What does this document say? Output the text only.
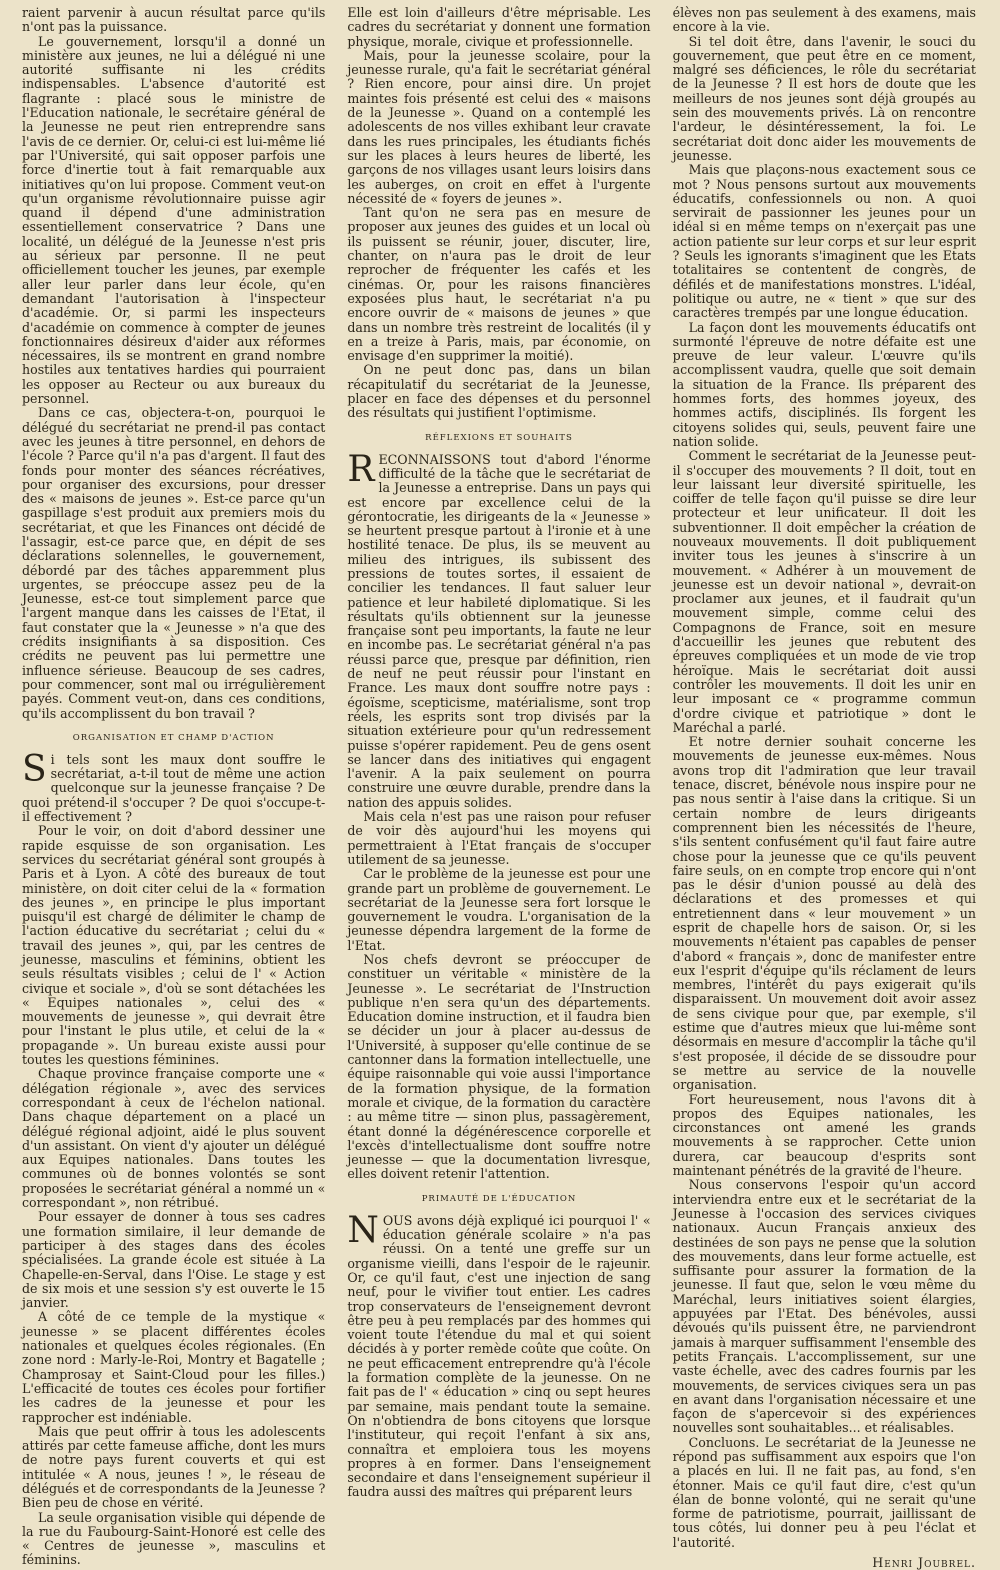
raient parvenir à aucun résultat parce qu'ils n'ont pas la puissance.

Le gouvernement, lorsqu'il a donné un ministère aux jeunes, ne lui a délégué ni une autorité suffisante ni les crédits indispensables. L'absence d'autorité est flagrante : placé sous le ministre de l'Education nationale, le secrétaire général de la Jeunesse ne peut rien entreprendre sans l'avis de ce dernier. Or, celui-ci est lui-même lié par l'Université, qui sait opposer parfois une force d'inertie tout à fait remarquable aux initiatives qu'on lui propose. Comment veut-on qu'un organisme révolutionnaire puisse agir quand il dépend d'une administration essentiellement conservatrice ? Dans une localité, un délégué de la Jeunesse n'est pris au sérieux par personne. Il ne peut officiellement toucher les jeunes, par exemple aller leur parler dans leur école, qu'en demandant l'autorisation à l'inspecteur d'académie. Or, si parmi les inspecteurs d'académie on commence à compter de jeunes fonctionnaires désireux d'aider aux réformes nécessaires, ils se montrent en grand nombre hostiles aux tentatives hardies qui pourraient les opposer au Recteur ou aux bureaux du personnel.

Dans ce cas, objectera-t-on, pourquoi le délégué du secrétariat ne prend-il pas contact avec les jeunes à titre personnel, en dehors de l'école ? Parce qu'il n'a pas d'argent. Il faut des fonds pour monter des séances récréatives, pour organiser des excursions, pour dresser des « maisons de jeunes ». Est-ce parce qu'un gaspillage s'est produit aux premiers mois du secrétariat, et que les Finances ont décidé de l'assagir, est-ce parce que, en dépit de ses déclarations solennelles, le gouvernement, débordé par des tâches apparemment plus urgentes, se préoccupe assez peu de la Jeunesse, est-ce tout simplement parce que l'argent manque dans les caisses de l'Etat, il faut constater que la « Jeunesse » n'a que des crédits insignifiants à sa disposition. Ces crédits ne peuvent pas lui permettre une influence sérieuse. Beaucoup de ses cadres, pour commencer, sont mal ou irrégulièrement payés. Comment veut-on, dans ces conditions, qu'ils accomplissent du bon travail ?

ORGANISATION ET CHAMP D'ACTION

Si tels sont les maux dont souffre le secrétariat, a-t-il tout de même une action quelconque sur la jeunesse française ? De quoi prétend-il s'occuper ? De quoi s'occupe-t-il effectivement ?

Pour le voir, on doit d'abord dessiner une rapide esquisse de son organisation. Les services du secrétariat général sont groupés à Paris et à Lyon. A côté des bureaux de tout ministère, on doit citer celui de la « formation des jeunes », en principe le plus important puisqu'il est chargé de délimiter le champ de l'action éducative du secrétariat ; celui du « travail des jeunes », qui, par les centres de jeunesse, masculins et féminins, obtient les seuls résultats visibles ; celui de l' « Action civique et sociale », d'où se sont détachées les « Equipes nationales », celui des « mouvements de jeunesse », qui devrait être pour l'instant le plus utile, et celui de la « propagande ». Un bureau existe aussi pour toutes les questions féminines.

Chaque province française comporte une « délégation régionale », avec des services correspondant à ceux de l'échelon national. Dans chaque département on a placé un délégué régional adjoint, aidé le plus souvent d'un assistant. On vient d'y ajouter un délégué aux Equipes nationales. Dans toutes les communes où de bonnes volontés se sont proposées le secrétariat général a nommé un « correspondant », non rétribué.

Pour essayer de donner à tous ses cadres une formation similaire, il leur demande de participer à des stages dans des écoles spécialisées. La grande école est située à La Chapelle-en-Serval, dans l'Oise. Le stage y est de six mois et une session s'y est ouverte le 15 janvier.

A côté de ce temple de la mystique « jeunesse » se placent différentes écoles nationales et quelques écoles régionales. (En zone nord : Marly-le-Roi, Montry et Bagatelle ; Champrosay et Saint-Cloud pour les filles.) L'efficacité de toutes ces écoles pour fortifier les cadres de la jeunesse et pour les rapprocher est indéniable.

Mais que peut offrir à tous les adolescents attirés par cette fameuse affiche, dont les murs de notre pays furent couverts et qui est intitulée « A nous, jeunes ! », le réseau de délégués et de correspondants de la Jeunesse ? Bien peu de chose en vérité.

La seule organisation visible qui dépende de la rue du Faubourg-Saint-Honoré est celle des « Centres de jeunesse », masculins et féminins.

Elle est loin d'ailleurs d'être méprisable. Les cadres du secrétariat y donnent une formation physique, morale, civique et professionnelle.

Mais, pour la jeunesse scolaire, pour la jeunesse rurale, qu'a fait le secrétariat général ? Rien encore, pour ainsi dire. Un projet maintes fois présenté est celui des « maisons de la Jeunesse ». Quand on a contemplé les adolescents de nos villes exhibant leur cravate dans les rues principales, les étudiants fichés sur les places à leurs heures de liberté, les garçons de nos villages usant leurs loisirs dans les auberges, on croit en effet à l'urgente nécessité de « foyers de jeunes ».

Tant qu'on ne sera pas en mesure de proposer aux jeunes des guides et un local où ils puissent se réunir, jouer, discuter, lire, chanter, on n'aura pas le droit de leur reprocher de fréquenter les cafés et les cinémas. Or, pour les raisons financières exposées plus haut, le secrétariat n'a pu encore ouvrir de « maisons de jeunes » que dans un nombre très restreint de localités (il y en a treize à Paris, mais, par économie, on envisage d'en supprimer la moitié).

On ne peut donc pas, dans un bilan récapitulatif du secrétariat de la Jeunesse, placer en face des dépenses et du personnel des résultats qui justifient l'optimisme.

RÉFLEXIONS ET SOUHAITS

RECONNAISSONS tout d'abord l'énorme difficulté de la tâche que le secrétariat de la Jeunesse a entreprise. Dans un pays qui est encore par excellence celui de la gérontocratie, les dirigeants de la « Jeunesse » se heurtent presque partout à l'ironie et à une hostilité tenace. De plus, ils se meuvent au milieu des intrigues, ils subissent des pressions de toutes sortes, il essaient de concilier les tendances. Il faut saluer leur patience et leur habileté diplomatique. Si les résultats qu'ils obtiennent sur la jeunesse française sont peu importants, la faute ne leur en incombe pas. Le secrétariat général n'a pas réussi parce que, presque par définition, rien de neuf ne peut réussir pour l'instant en France. Les maux dont souffre notre pays : égoïsme, scepticisme, matérialisme, sont trop réels, les esprits sont trop divisés par la situation extérieure pour qu'un redressement puisse s'opérer rapidement. Peu de gens osent se lancer dans des initiatives qui engagent l'avenir. A la paix seulement on pourra construire une œuvre durable, prendre dans la nation des appuis solides.

Mais cela n'est pas une raison pour refuser de voir dès aujourd'hui les moyens qui permettraient à l'Etat français de s'occuper utilement de sa jeunesse.

Car le problème de la jeunesse est pour une grande part un problème de gouvernement. Le secrétariat de la Jeunesse sera fort lorsque le gouvernement le voudra. L'organisation de la jeunesse dépendra largement de la forme de l'Etat.

Nos chefs devront se préoccuper de constituer un véritable « ministère de la Jeunesse ». Le secrétariat de l'Instruction publique n'en sera qu'un des départements. Education domine instruction, et il faudra bien se décider un jour à placer au-dessus de l'Université, à supposer qu'elle continue de se cantonner dans la formation intellectuelle, une équipe raisonnable qui voie aussi l'importance de la formation physique, de la formation morale et civique, de la formation du caractère : au même titre — sinon plus, passagèrement, étant donné la dégénérescence corporelle et l'excès d'intellectualisme dont souffre notre jeunesse — que la documentation livresque, elles doivent retenir l'attention.

PRIMAUTÉ DE L'ÉDUCATION

NOUS avons déjà expliqué ici pourquoi l' « éducation générale scolaire » n'a pas réussi. On a tenté une greffe sur un organisme vieilli, dans l'espoir de le rajeunir. Or, ce qu'il faut, c'est une injection de sang neuf, pour le vivifier tout entier. Les cadres trop conservateurs de l'enseignement devront être peu à peu remplacés par des hommes qui voient toute l'étendue du mal et qui soient décidés à y porter remède coûte que coûte. On ne peut efficacement entreprendre qu'à l'école la formation complète de la jeunesse. On ne fait pas de l' « éducation » cinq ou sept heures par semaine, mais pendant toute la semaine. On n'obtiendra de bons citoyens que lorsque l'instituteur, qui reçoit l'enfant à six ans, connaîtra et emploiera tous les moyens propres à en former. Dans l'enseignement secondaire et dans l'enseignement supérieur il faudra aussi des maîtres qui préparent leurs

élèves non pas seulement à des examens, mais encore à la vie.

Si tel doit être, dans l'avenir, le souci du gouvernement, que peut être en ce moment, malgré ses déficiences, le rôle du secrétariat de la Jeunesse ? Il est hors de doute que les meilleurs de nos jeunes sont déjà groupés au sein des mouvements privés. Là on rencontre l'ardeur, le désintéressement, la foi. Le secrétariat doit donc aider les mouvements de jeunesse.

Mais que plaçons-nous exactement sous ce mot ? Nous pensons surtout aux mouvements éducatifs, confessionnels ou non. A quoi servirait de passionner les jeunes pour un idéal si en même temps on n'exerçait pas une action patiente sur leur corps et sur leur esprit ? Seuls les ignorants s'imaginent que les Etats totalitaires se contentent de congrès, de défilés et de manifestations monstres. L'idéal, politique ou autre, ne « tient » que sur des caractères trempés par une longue éducation.

La façon dont les mouvements éducatifs ont surmonté l'épreuve de notre défaite est une preuve de leur valeur. L'œuvre qu'ils accomplissent vaudra, quelle que soit demain la situation de la France. Ils préparent des hommes forts, des hommes joyeux, des hommes actifs, disciplinés. Ils forgent les citoyens solides qui, seuls, peuvent faire une nation solide.

Comment le secrétariat de la Jeunesse peut-il s'occuper des mouvements ? Il doit, tout en leur laissant leur diversité spirituelle, les coiffer de telle façon qu'il puisse se dire leur protecteur et leur unificateur. Il doit les subventionner. Il doit empêcher la création de nouveaux mouvements. Il doit publiquement inviter tous les jeunes à s'inscrire à un mouvement. « Adhérer à un mouvement de jeunesse est un devoir national », devrait-on proclamer aux jeunes, et il faudrait qu'un mouvement simple, comme celui des Compagnons de France, soit en mesure d'accueillir les jeunes que rebutent des épreuves compliquées et un mode de vie trop héroïque. Mais le secrétariat doit aussi contrôler les mouvements. Il doit les unir en leur imposant ce « programme commun d'ordre civique et patriotique » dont le Maréchal a parlé.

Et notre dernier souhait concerne les mouvements de jeunesse eux-mêmes. Nous avons trop dit l'admiration que leur travail tenace, discret, bénévole nous inspire pour ne pas nous sentir à l'aise dans la critique. Si un certain nombre de leurs dirigeants comprennent bien les nécessités de l'heure, s'ils sentent confusément qu'il faut faire autre chose pour la jeunesse que ce qu'ils peuvent faire seuls, on en compte trop encore qui n'ont pas le désir d'union poussé au delà des déclarations et des promesses et qui entretiennent dans « leur mouvement » un esprit de chapelle hors de saison. Or, si les mouvements n'étaient pas capables de penser d'abord « français », donc de manifester entre eux l'esprit d'équipe qu'ils réclament de leurs membres, l'intérêt du pays exigerait qu'ils disparaissent. Un mouvement doit avoir assez de sens civique pour que, par exemple, s'il estime que d'autres mieux que lui-même sont désormais en mesure d'accomplir la tâche qu'il s'est proposée, il décide de se dissoudre pour se mettre au service de la nouvelle organisation.

Fort heureusement, nous l'avons dit à propos des Equipes nationales, les circonstances ont amené les grands mouvements à se rapprocher. Cette union durera, car beaucoup d'esprits sont maintenant pénétrés de la gravité de l'heure.

Nous conservons l'espoir qu'un accord interviendra entre eux et le secrétariat de la Jeunesse à l'occasion des services civiques nationaux. Aucun Français anxieux des destinées de son pays ne pense que la solution des mouvements, dans leur forme actuelle, est suffisante pour assurer la formation de la jeunesse. Il faut que, selon le vœu même du Maréchal, leurs initiatives soient élargies, appuyées par l'Etat. Des bénévoles, aussi dévoués qu'ils puissent être, ne parviendront jamais à marquer suffisamment l'ensemble des petits Français. L'accomplissement, sur une vaste échelle, avec des cadres fournis par les mouvements, de services civiques sera un pas en avant dans l'organisation nécessaire et une façon de s'apercevoir si des expériences nouvelles sont souhaitables... et réalisables.

Concluons. Le secrétariat de la Jeunesse ne répond pas suffisamment aux espoirs que l'on a placés en lui. Il ne fait pas, au fond, s'en étonner. Mais ce qu'il faut dire, c'est qu'un élan de bonne volonté, qui ne serait qu'une forme de patriotisme, pourrait, jaillissant de tous côtés, lui donner peu à peu l'éclat et l'autorité.

Henri Joubrel.
